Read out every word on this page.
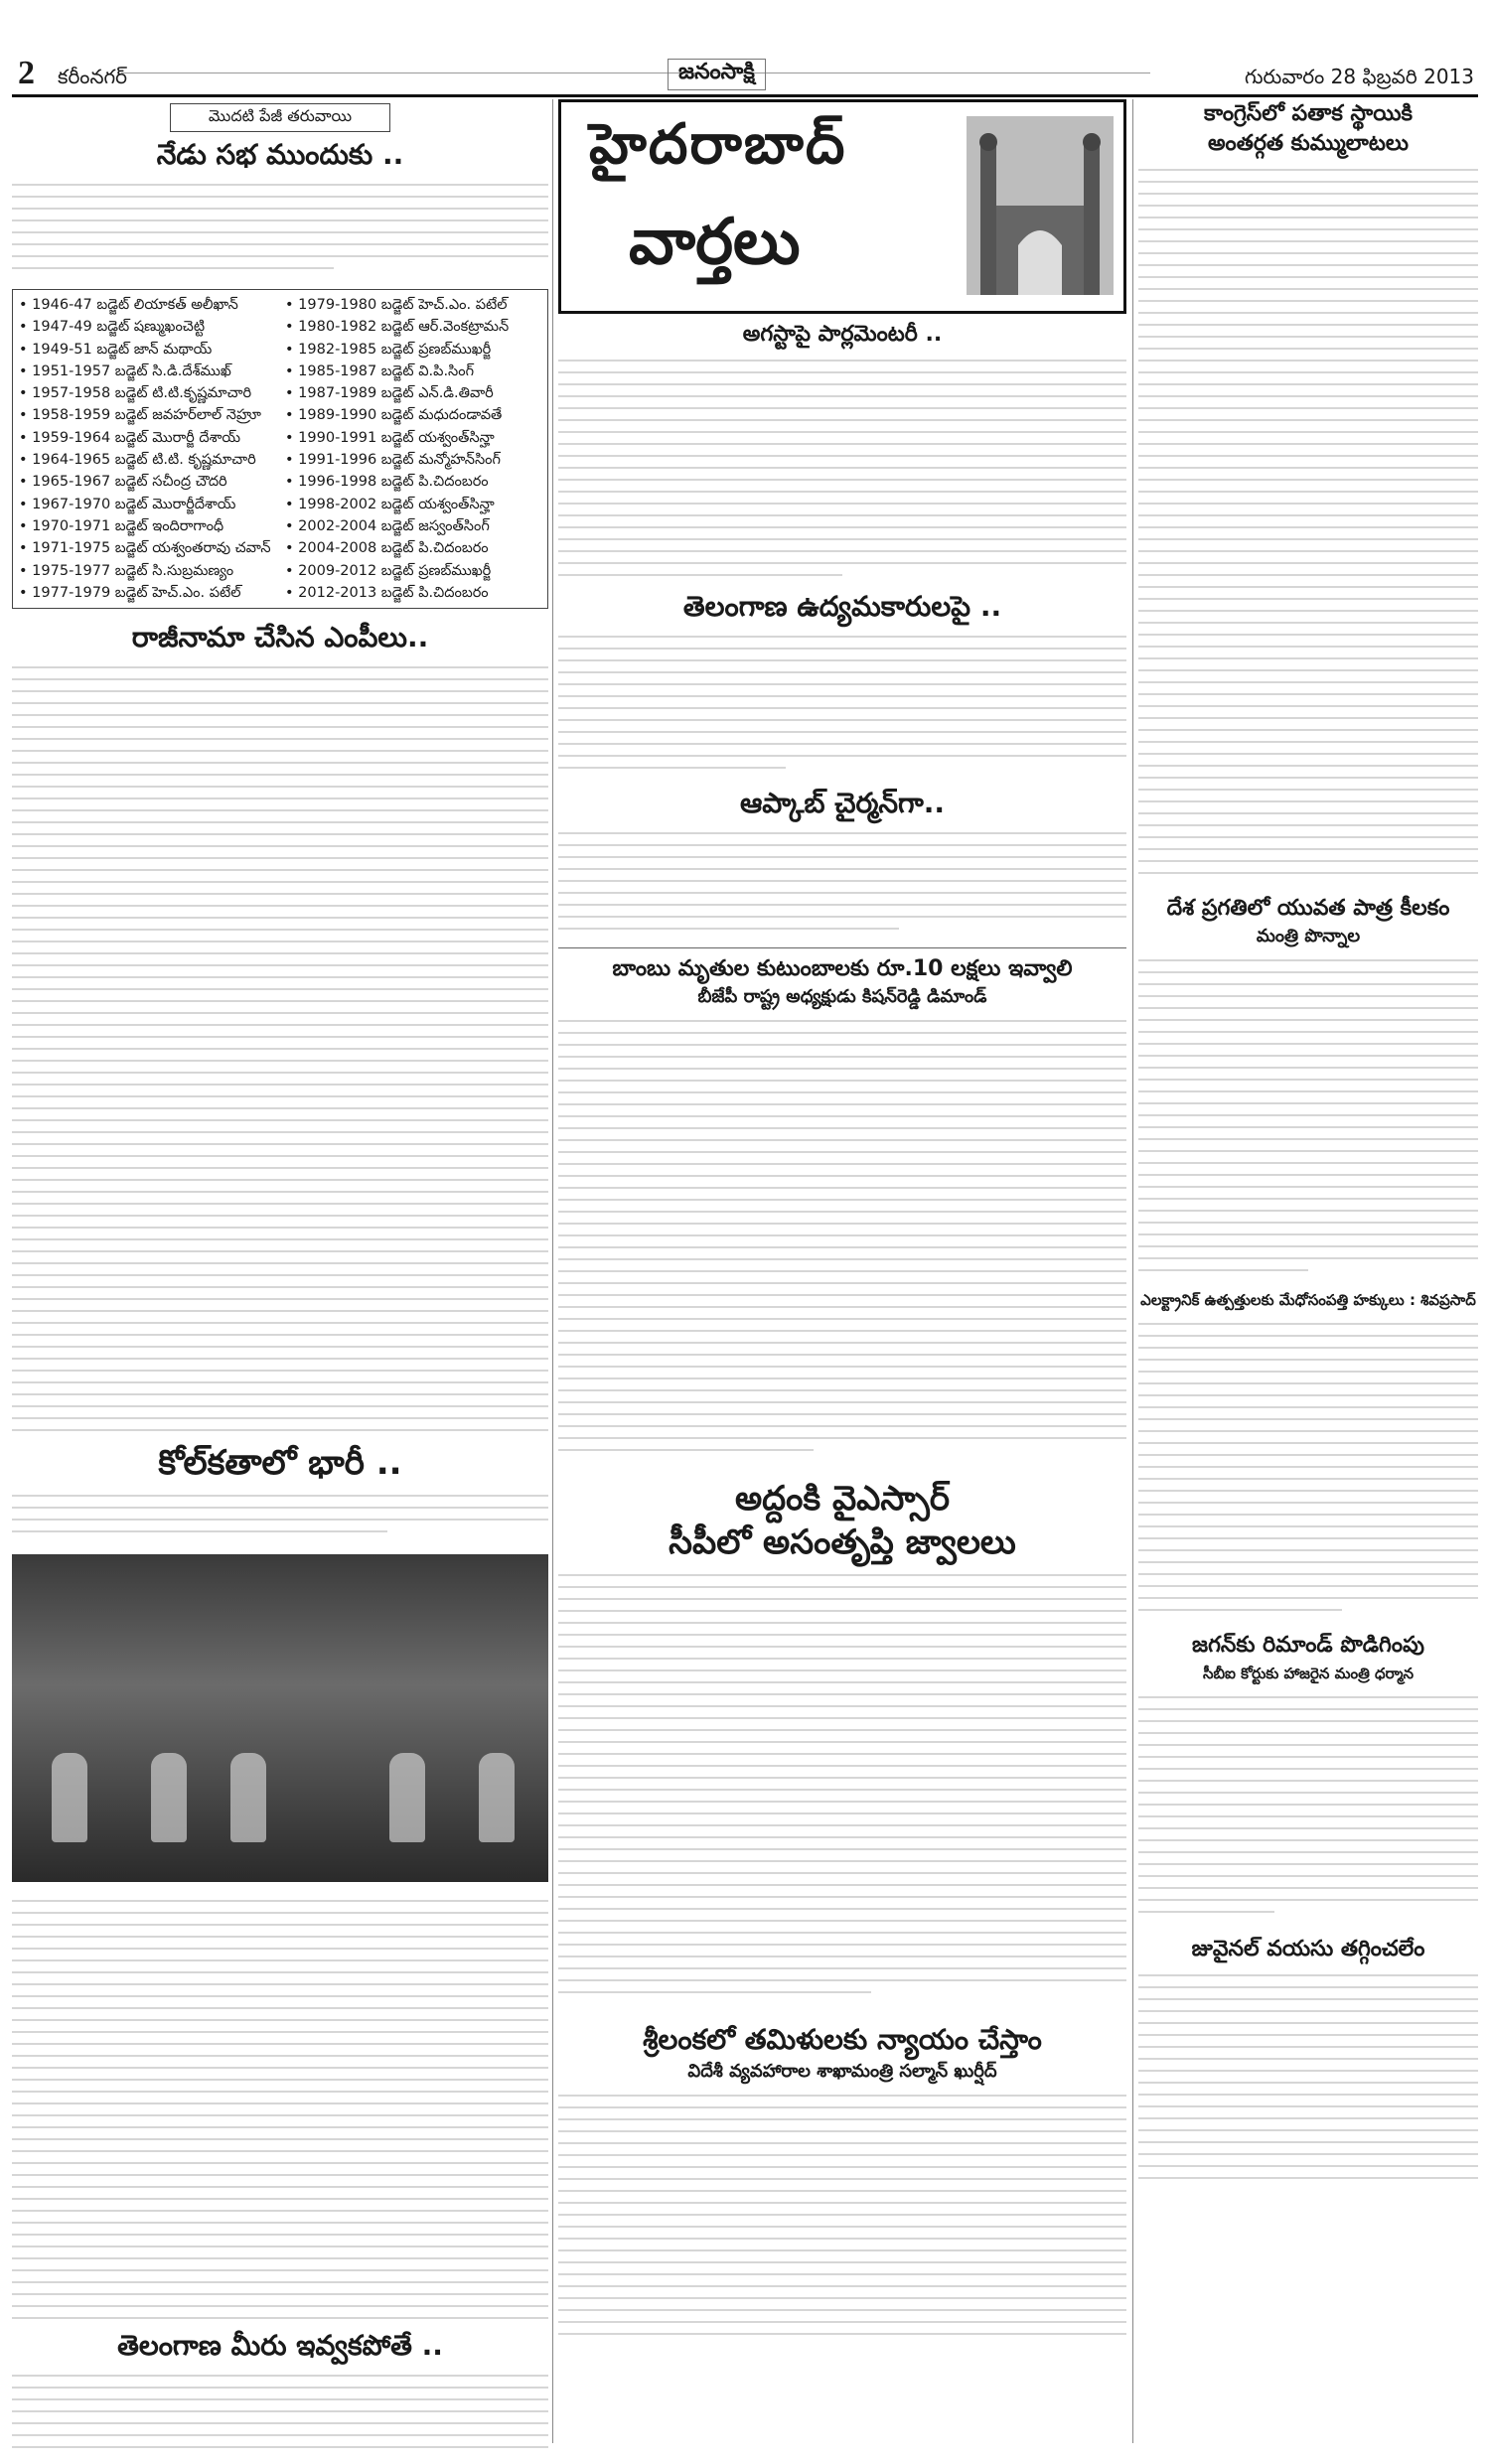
2 కరీంనగర్	జనంసాక్షి	గురువారం 28 ఫిబ్రవరి 2013
మొదటి పేజీ తరువాయి
నేడు సభ ముందుకు ..
• 1946-47 బడ్జెట్ లియాకత్ అలీఖాన్	• 1979-1980 బడ్జెట్ హెచ్.ఎం. పటేల్
• 1947-49 బడ్జెట్ షణ్ముఖంచెట్టి	• 1980-1982 బడ్జెట్ ఆర్.వెంకట్రామన్
• 1949-51 బడ్జెట్ జాన్ మథాయ్	• 1982-1985 బడ్జెట్ ప్రణబ్‌ముఖర్జీ
• 1951-1957 బడ్జెట్ సి.డి.దేశ్‌ముఖ్	• 1985-1987 బడ్జెట్ వి.పి.సింగ్
• 1957-1958 బడ్జెట్ టి.టి.కృష్ణమాచారి	• 1987-1989 బడ్జెట్ ఎన్.డి.తివారీ
• 1958-1959 బడ్జెట్ జవహర్‌లాల్ నెహ్రూ	• 1989-1990 బడ్జెట్ మధుదండావతే
• 1959-1964 బడ్జెట్ మొరార్జీ దేశాయ్	• 1990-1991 బడ్జెట్ యశ్వంత్‌సిన్హా
• 1964-1965 బడ్జెట్ టి.టి. కృష్ణమాచారి	• 1991-1996 బడ్జెట్ మన్మోహన్‌సింగ్
• 1965-1967 బడ్జెట్ సచీంద్ర చౌదరి	• 1996-1998 బడ్జెట్ పి.చిదంబరం
• 1967-1970 బడ్జెట్ మొరార్జీదేశాయ్	• 1998-2002 బడ్జెట్ యశ్వంత్‌సిన్హా
• 1970-1971 బడ్జెట్ ఇందిరాగాంధీ	• 2002-2004 బడ్జెట్ జస్వంత్‌సింగ్
• 1971-1975 బడ్జెట్ యశ్వంతరావు చవాన్ • 2004-2008 బడ్జెట్ పి.చిదంబరం
• 1975-1977 బడ్జెట్ సి.సుబ్రమణ్యం	• 2009-2012 బడ్జెట్ ప్రణబ్‌ముఖర్జీ
• 1977-1979 బడ్జెట్ హెచ్.ఎం. పటేల్	• 2012-2013 బడ్జెట్ పి.చిదంబరం
రాజీనామా చేసిన ఎంపీలు..
కోల్‌కతాలో భారీ ..
తెలంగాణ మీరు ఇవ్వకపోతే ..
హైదరాబాద్
వార్తలు
అగస్టాపై పార్లమెంటరీ ..
తెలంగాణ ఉద్యమకారులపై ..
ఆప్కాబ్ చైర్మన్‌గా..
బాంబు మృతుల కుటుంబాలకు రూ.10 లక్షలు ఇవ్వాలి
బీజేపీ రాష్ట్ర అధ్యక్షుడు కిషన్‌రెడ్డి డిమాండ్
అద్దంకి వైఎస్సార్
సీపీలో అసంతృప్తి జ్వాలలు
శ్రీలంకలో తమిళులకు న్యాయం చేస్తాం
విదేశీ వ్యవహారాల శాఖామంత్రి సల్మాన్ ఖుర్షీద్
కాంగ్రెస్‌లో పతాక స్థాయికి
అంతర్గత కుమ్ములాటలు
దేశ ప్రగతిలో యువత పాత్ర కీలకం
మంత్రి పొన్నాల
ఎలక్ట్రానిక్ ఉత్పత్తులకు మేధోసంపత్తి హక్కులు : శివప్రసాద్
జగన్‌కు రిమాండ్ పొడిగింపు
సీబీఐ కోర్టుకు హాజరైన మంత్రి ధర్మాన
జువైనల్ వయసు తగ్గించలేం
